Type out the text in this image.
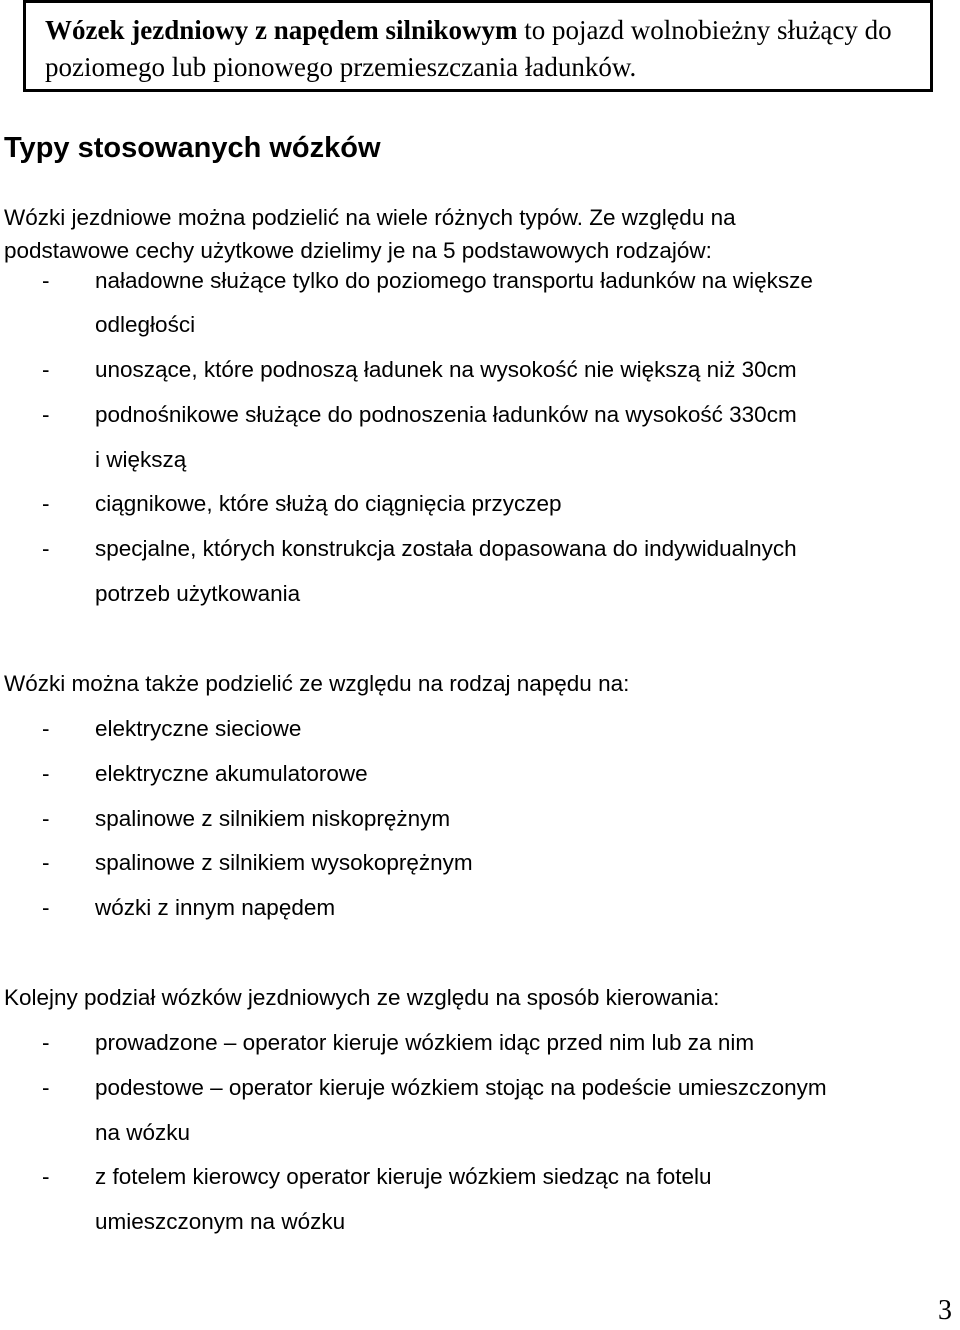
Wózek jezdniowy z napędem silnikowym to pojazd wolnobieżny służący do poziomego lub pionowego przemieszczania ładunków.
Typy stosowanych wózków
Wózki jezdniowe można podzielić na wiele różnych typów. Ze względu na
podstawowe cechy użytkowe dzielimy je na 5 podstawowych rodzajów:
- naładowne służące tylko do poziomego transportu ładunków na większe
odległości
- unoszące, które podnoszą ładunek na wysokość nie większą niż 30cm
- podnośnikowe służące do podnoszenia ładunków na wysokość 330cm
i większą
- ciągnikowe, które służą do ciągnięcia przyczep
- specjalne, których konstrukcja została dopasowana do indywidualnych
potrzeb użytkowania
Wózki można także podzielić ze względu na rodzaj napędu na:
- elektryczne sieciowe
- elektryczne akumulatorowe
- spalinowe z silnikiem niskoprężnym
- spalinowe z silnikiem wysokoprężnym
- wózki z innym napędem
Kolejny podział wózków jezdniowych ze względu na sposób kierowania:
- prowadzone – operator kieruje wózkiem idąc przed nim lub za nim
- podestowe – operator kieruje wózkiem stojąc na podeście umieszczonym
na wózku
- z fotelem kierowcy operator kieruje wózkiem siedząc na fotelu
umieszczonym na wózku
3
